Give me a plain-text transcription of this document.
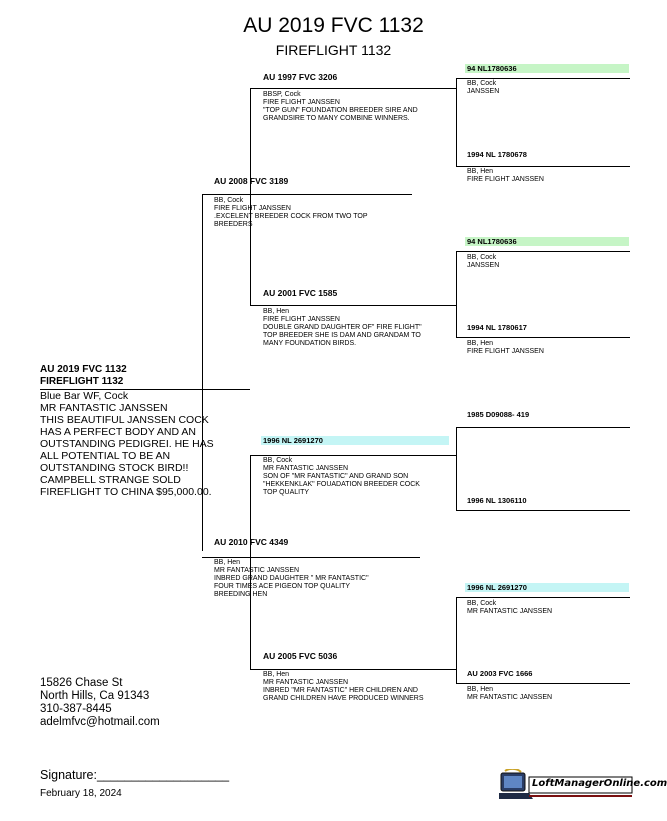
AU 2019 FVC 1132
FIREFLIGHT 1132
AU 2019 FVC 1132
FIREFLIGHT 1132
Blue Bar WF, Cock
MR FANTASTIC JANSSEN
THIS BEAUTIFUL JANSSEN COCK
HAS A PERFECT BODY AND AN
OUTSTANDING PEDIGREI. HE HAS
ALL POTENTIAL TO BE AN
OUTSTANDING STOCK BIRD!!
CAMPBELL STRANGE SOLD
FIREFLIGHT TO CHINA $95,000.00.
AU 2008 FVC 3189
BB, Cock
FIRE FLIGHT JANSSEN
.EXCELENT BREEDER COCK FROM TWO TOP
BREEDERS
AU 2010 FVC 4349
BB, Hen
MR FANTASTIC JANSSEN
INBRED GRAND DAUGHTER " MR FANTASTIC"
FOUR TIMES ACE PIGEON TOP QUALITY
BREEDING HEN
AU 1997 FVC 3206
BBSP, Cock
FIRE FLIGHT JANSSEN
"TOP GUN" FOUNDATION BREEDER SIRE AND
GRANDSIRE TO MANY COMBINE WINNERS.
AU 2001 FVC 1585
BB, Hen
FIRE FLIGHT JANSSEN
DOUBLE GRAND DAUGHTER OF" FIRE FLIGHT"
TOP BREEDER SHE IS DAM AND GRANDAM TO
MANY FOUNDATION BIRDS.
1996 NL 2691270
BB, Cock
MR FANTASTIC JANSSEN
SON OF "MR FANTASTIC" AND GRAND SON
"HEKKENKLAK" FOUADATION BREEDER COCK
TOP QUALITY
AU 2005 FVC 5036
BB, Hen
MR FANTASTIC JANSSEN
INBRED "MR FANTASTIC" HER CHILDREN AND
GRAND CHILDREN HAVE PRODUCED WINNERS
94 NL1780636
BB, Cock
JANSSEN
1994 NL 1780678
BB, Hen
FIRE FLIGHT JANSSEN
94 NL1780636
BB, Cock
JANSSEN
1994 NL 1780617
BB, Hen
FIRE FLIGHT JANSSEN
1985 D09088- 419
1996 NL 1306110
1996 NL 2691270
BB, Cock
MR FANTASTIC JANSSEN
AU 2003 FVC 1666
BB, Hen
MR FANTASTIC JANSSEN
15826 Chase St
North Hills, Ca 91343
310-387-8445
adelmfvc@hotmail.com
Signature:___________________
February 18, 2024
LoftManagerOnline.com
